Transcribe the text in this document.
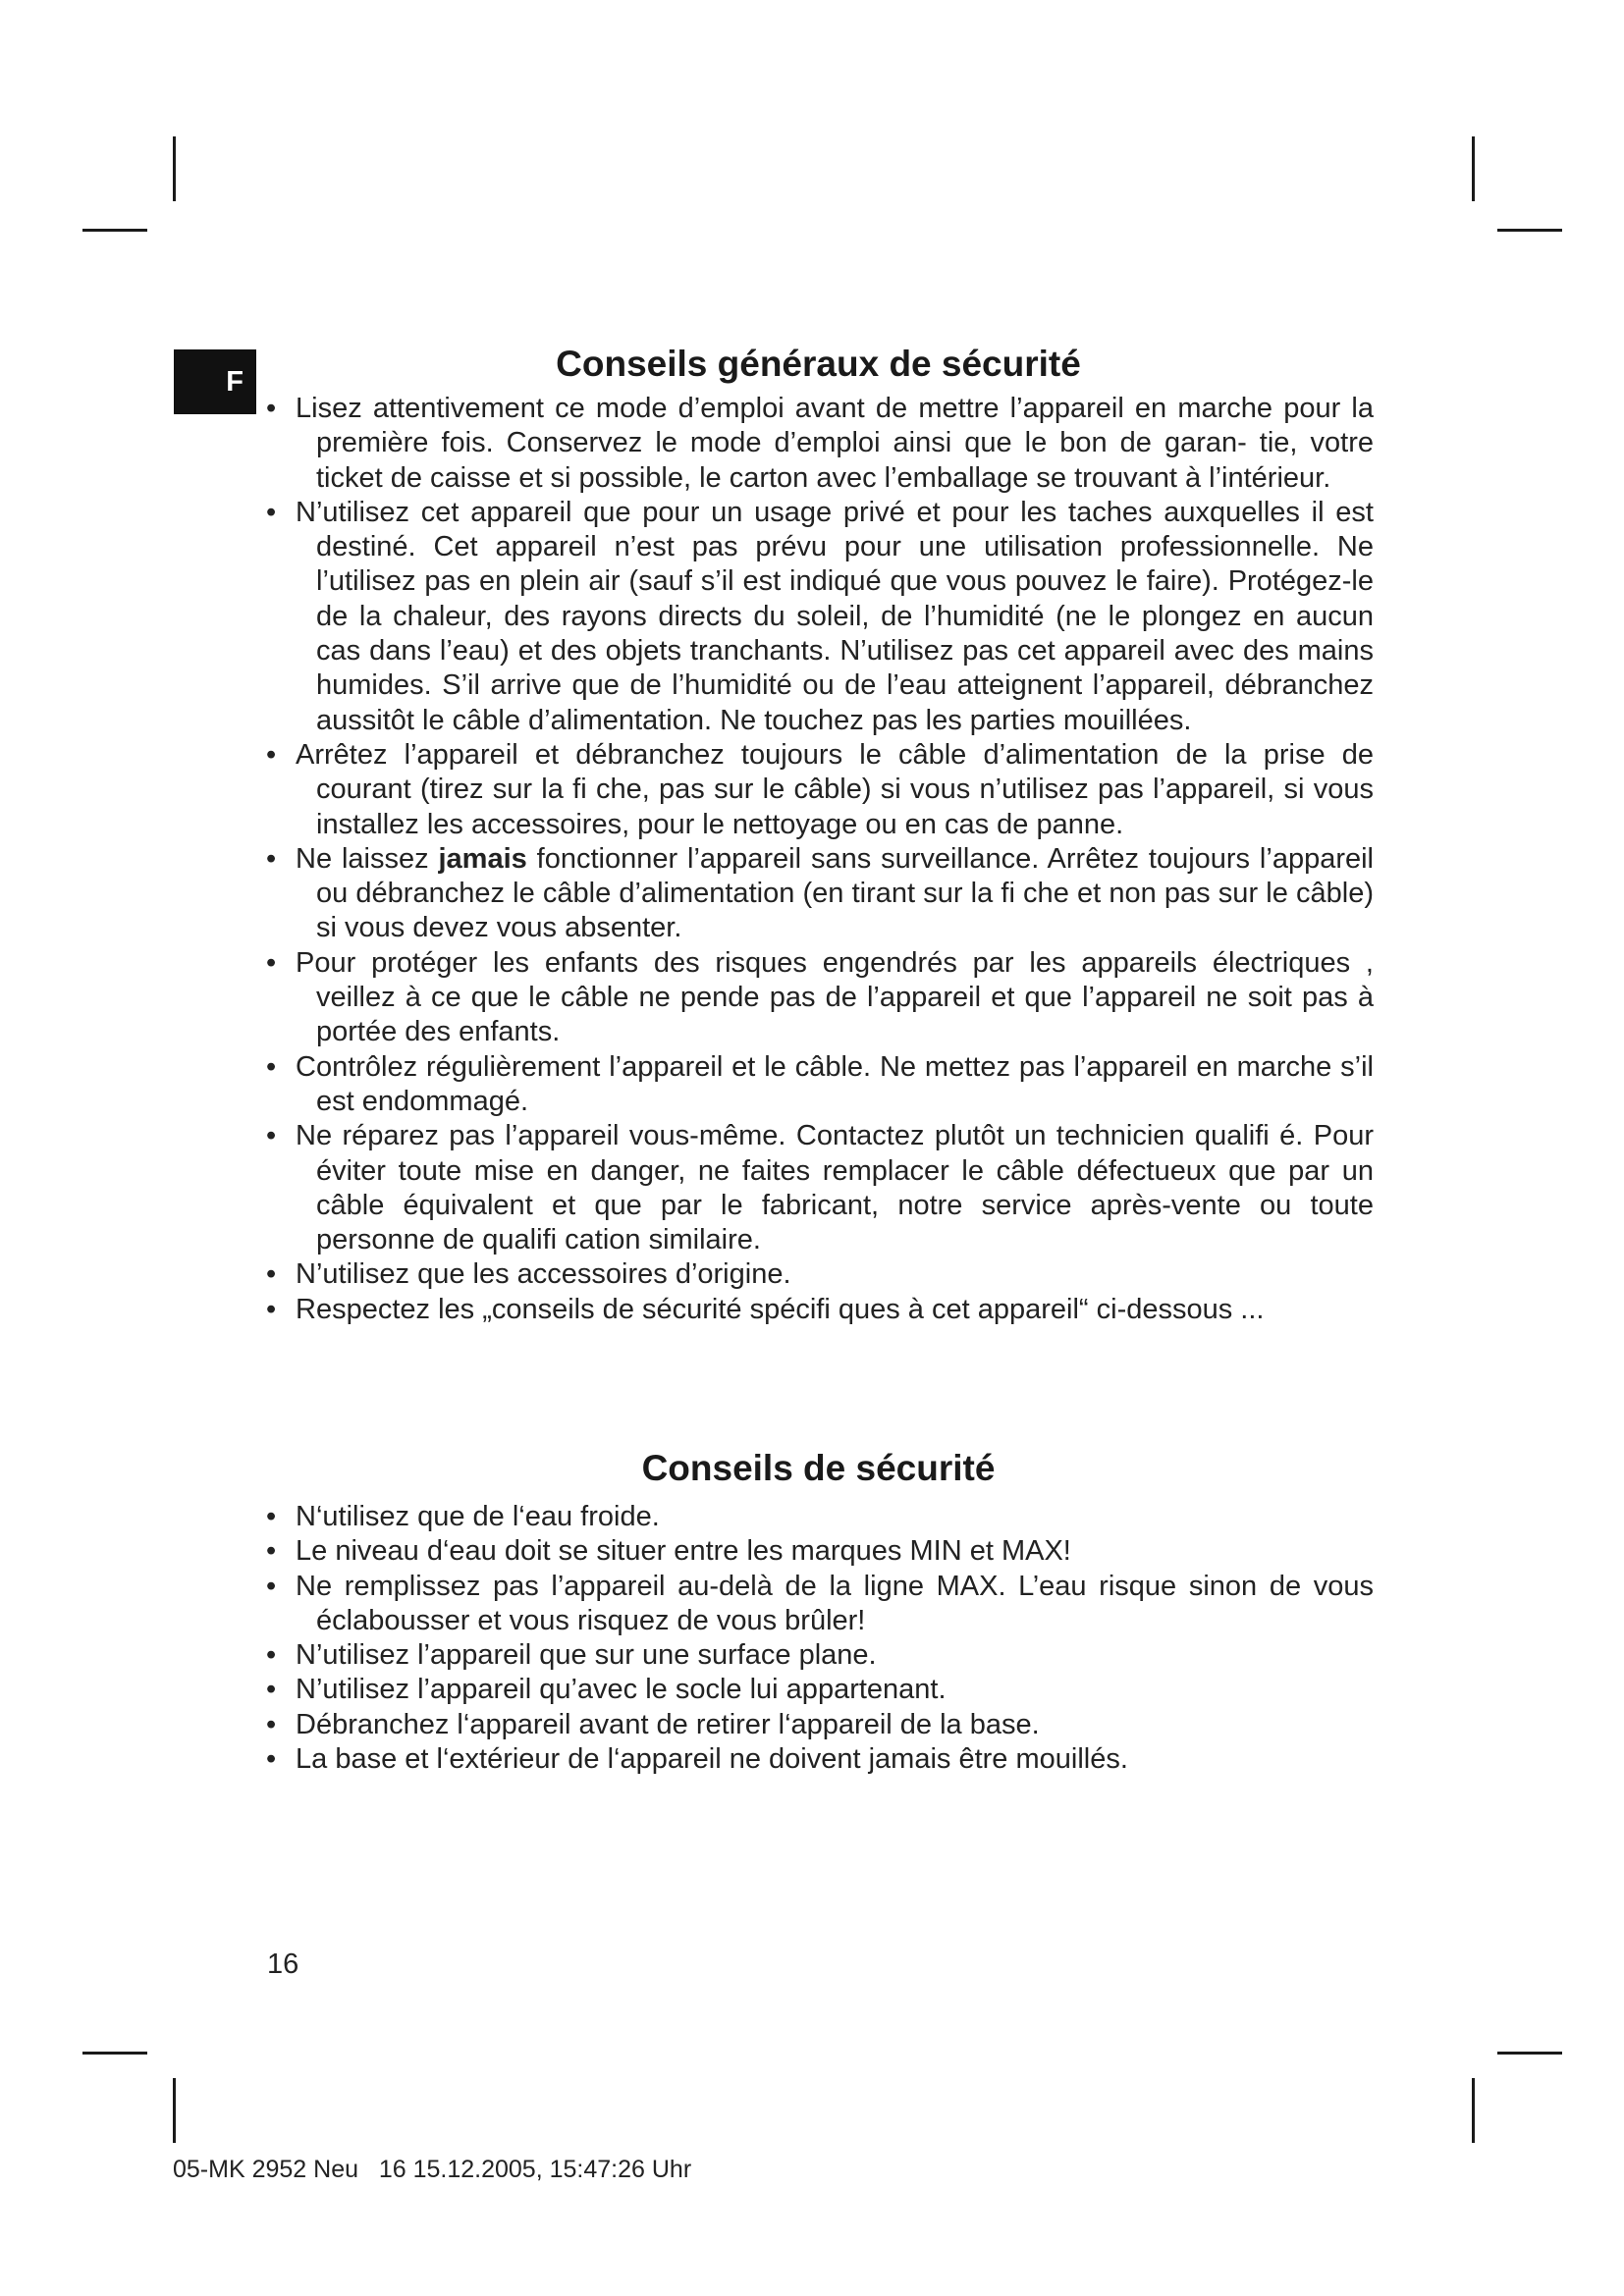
F	Conseils généraux de sécurité
• Lisez attentivement ce mode d’emploi avant de mettre l’appareil en marche pour la première fois. Conservez le mode d’emploi ainsi que le bon de garan- tie, votre ticket de caisse et si possible, le carton avec l’emballage se trouvant à l’intérieur.
• N’utilisez cet appareil que pour un usage privé et pour les taches auxquelles il est destiné. Cet appareil n’est pas prévu pour une utilisation professionnelle. Ne l’utilisez pas en plein air (sauf s’il est indiqué que vous pouvez le faire). Protégez-le de la chaleur, des rayons directs du soleil, de l’humidité (ne le plongez en aucun cas dans l’eau) et des objets tranchants. N’utilisez pas cet appareil avec des mains humides. S’il arrive que de l’humidité ou de l’eau atteignent l’appareil, débranchez aussitôt le câble d’alimentation. Ne touchez pas les parties mouillées.
• Arrêtez l’appareil et débranchez toujours le câble d’alimentation de la prise de courant (tirez sur la fi che, pas sur le câble) si vous n’utilisez pas l’appareil, si vous installez les accessoires, pour le nettoyage ou en cas de panne.
• Ne laissez jamais fonctionner l’appareil sans surveillance. Arrêtez toujours l’appareil ou débranchez le câble d’alimentation (en tirant sur la fi che et non pas sur le câble) si vous devez vous absenter.
• Pour protéger les enfants des risques engendrés par les appareils électriques , veillez à ce que le câble ne pende pas de l’appareil et que l’appareil ne soit pas à portée des enfants.
• Contrôlez régulièrement l’appareil et le câble. Ne mettez pas l’appareil en marche s’il est endommagé.
• Ne réparez pas l’appareil vous-même. Contactez plutôt un technicien qualifi é. Pour éviter toute mise en danger, ne faites remplacer le câble défectueux que par un câble équivalent et que par le fabricant, notre service après-vente ou toute personne de qualifi cation similaire.
• N’utilisez que les accessoires d’origine.
• Respectez les „conseils de sécurité spécifi ques à cet appareil“ ci-dessous ...
Conseils de sécurité
• N‘utilisez que de l‘eau froide.
• Le niveau d‘eau doit se situer entre les marques MIN et MAX!
• Ne remplissez pas l’appareil au-delà de la ligne MAX. L’eau risque sinon de vous éclabousser et vous risquez de vous brûler!
• N’utilisez l’appareil que sur une surface plane.
• N’utilisez l’appareil qu’avec le socle lui appartenant.
• Débranchez l‘appareil avant de retirer l‘appareil de la base.
• La base et l‘extérieur de l‘appareil ne doivent jamais être mouillés.
16
05-MK 2952 Neu   16 15.12.2005, 15:47:26 Uhr
